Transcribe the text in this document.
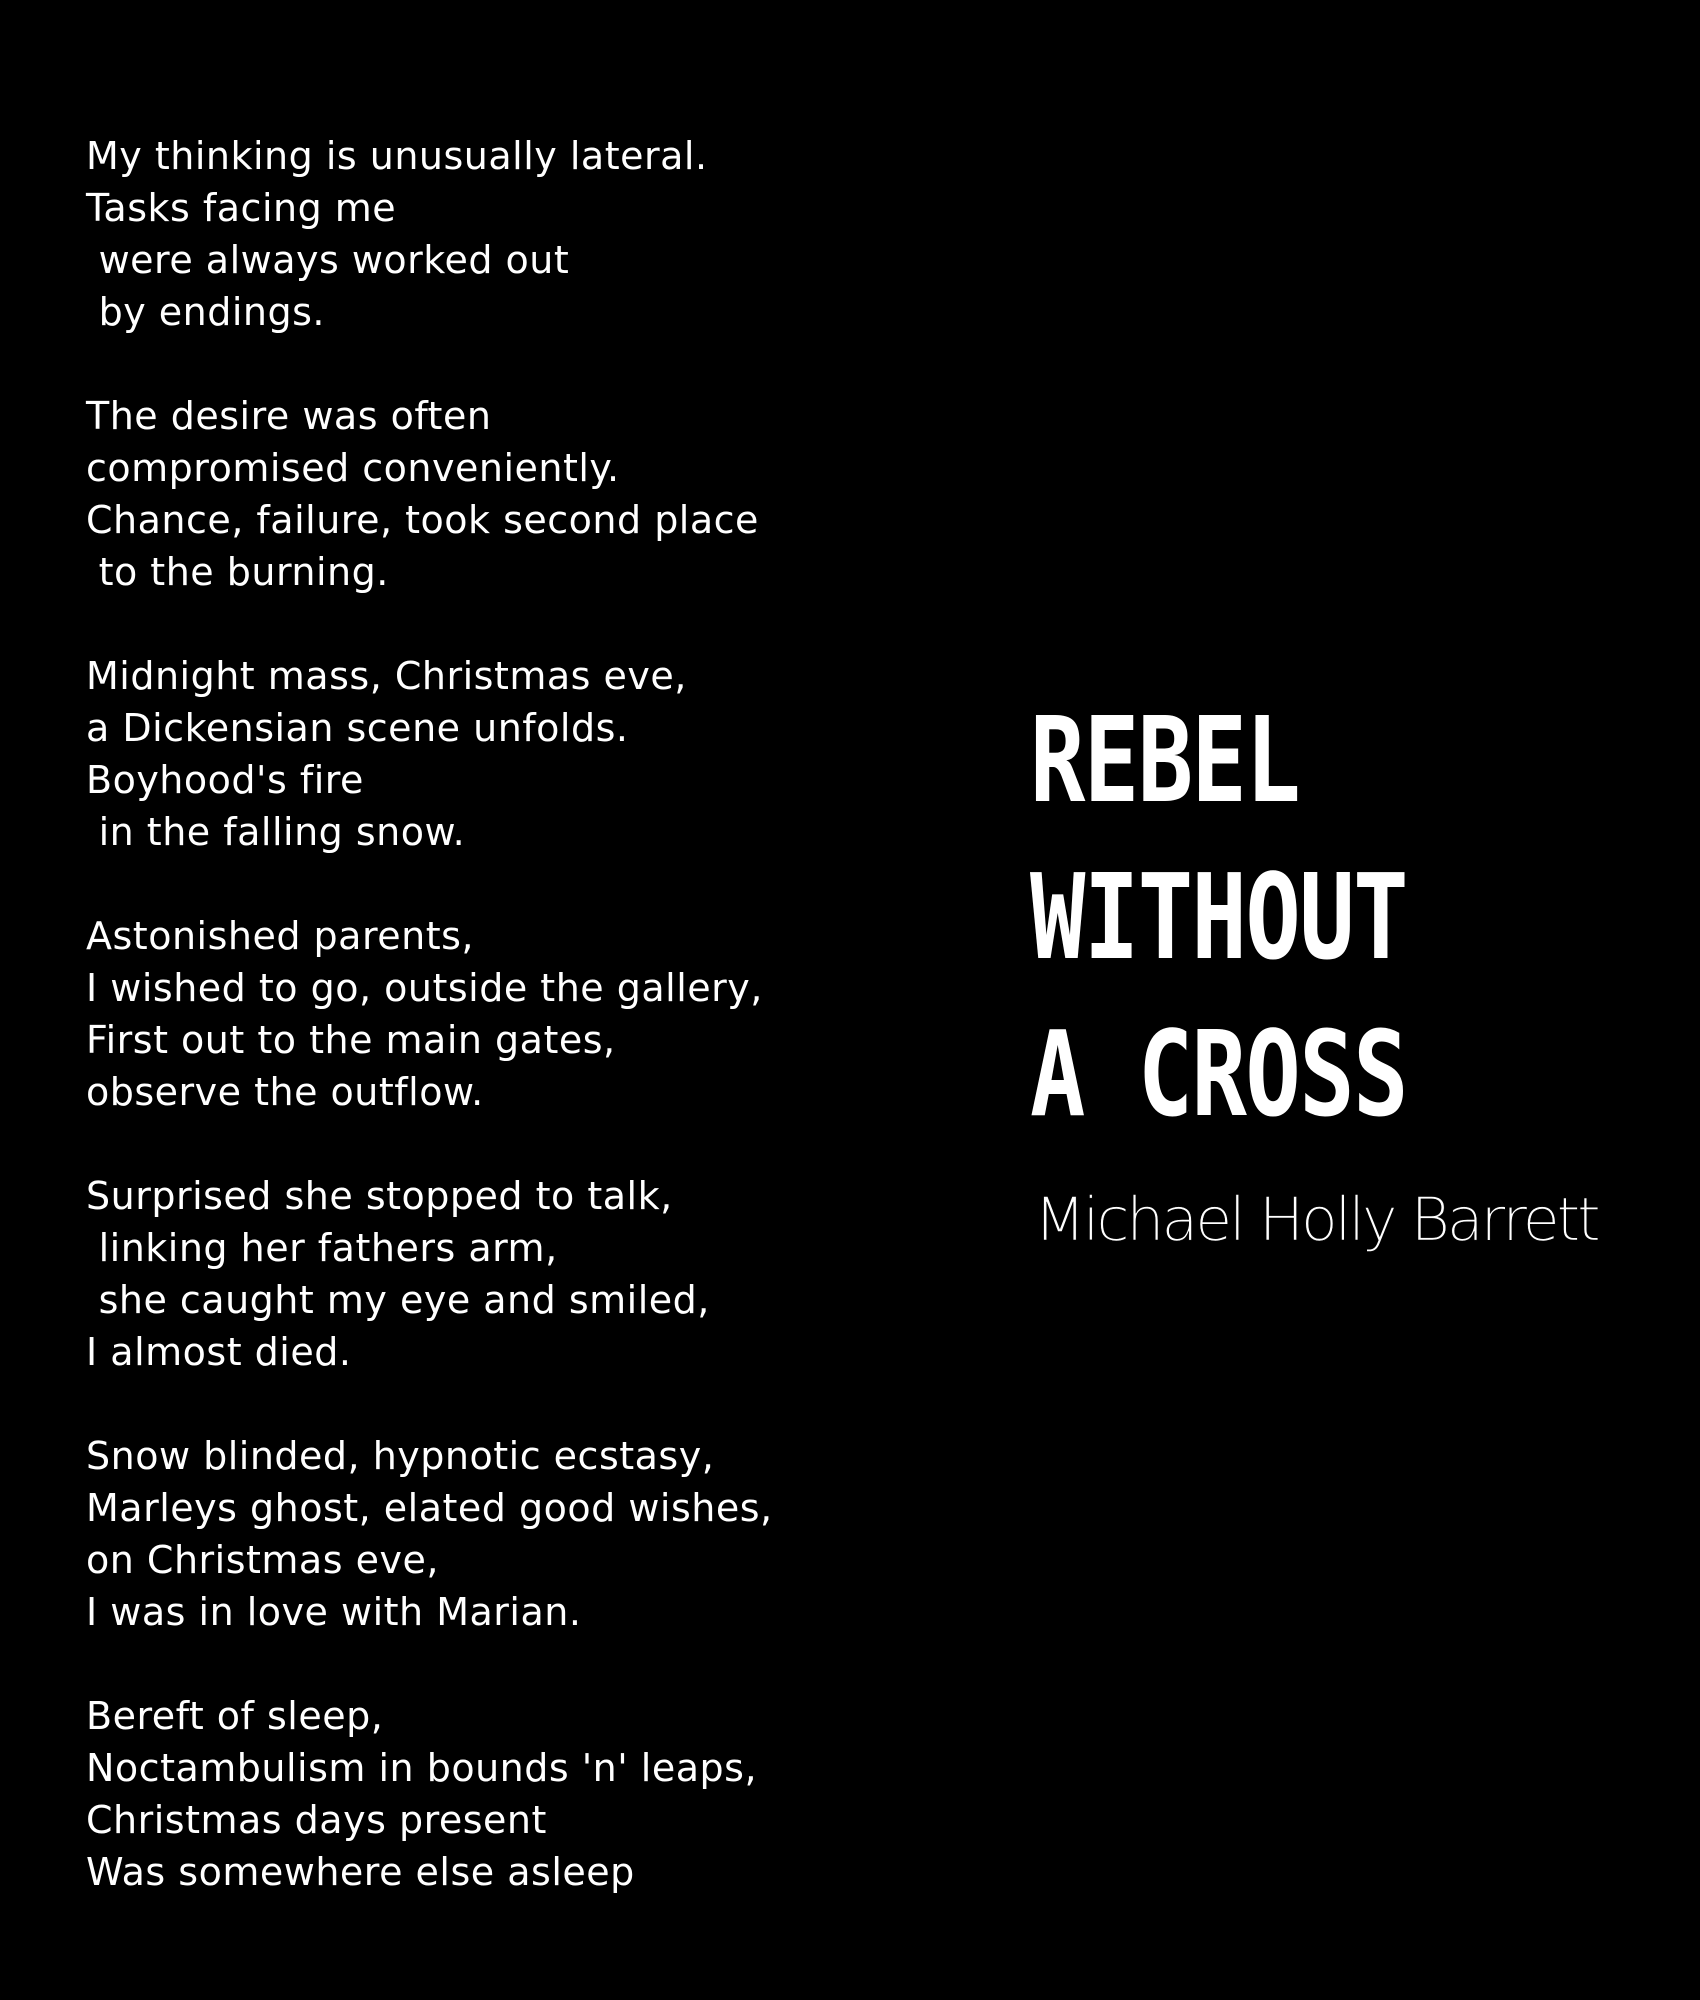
My thinking is unusually lateral.
Tasks facing me
were always worked out
by endings.
The desire was often
compromised conveniently.
Chance, failure, took second place
to the burning.
Midnight mass, Christmas eve,
a Dickensian scene unfolds.
Boyhood's fire
in the falling snow.
Astonished parents,
I wished to go, outside the gallery,
First out to the main gates,
observe the outflow.
Surprised she stopped to talk,
linking her fathers arm,
she caught my eye and smiled,
I almost died.
Snow blinded, hypnotic ecstasy,
Marleys ghost, elated good wishes,
on Christmas eve,
I was in love with Marian.
Bereft of sleep,
Noctambulism in bounds 'n' leaps,
Christmas days present
Was somewhere else asleep
REBEL
WITHOUT
A CROSS
Michael Holly Barrett
